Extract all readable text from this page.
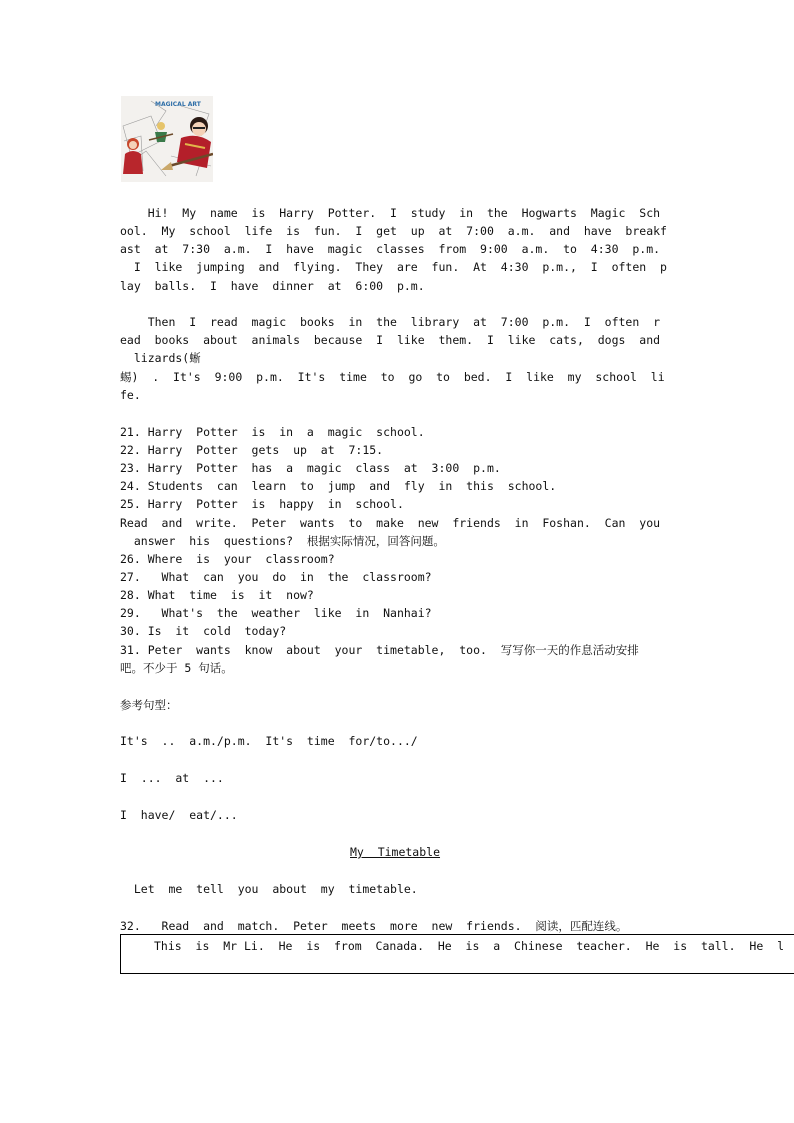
MAGICAL ART
Hi!  My  name  is  Harry  Potter.  I  study  in  the  Hogwarts  Magic  Sch
ool.  My  school  life  is  fun.  I  get  up  at  7:00  a.m.  and  have  breakf
ast  at  7:30  a.m.  I  have  magic  classes  from  9:00  a.m.  to  4:30  p.m.
I  like  jumping  and  flying.  They  are  fun.  At  4:30  p.m.,  I  often  p
lay  balls.  I  have  dinner  at  6:00  p.m.
Then  I  read  magic  books  in  the  library  at  7:00  p.m.  I  often  r
ead  books  about  animals  because  I  like  them.  I  like  cats,  dogs  and
lizards(蜥
蜴)  .  It's  9:00  p.m.  It's  time  to  go  to  bed.  I  like  my  school  li
fe.
21. Harry  Potter  is  in  a  magic  school.
22. Harry  Potter  gets  up  at  7:15.
23. Harry  Potter  has  a  magic  class  at  3:00  p.m.
24. Students  can  learn  to  jump  and  fly  in  this  school.
25. Harry  Potter  is  happy  in  school.
Read  and  write.  Peter  wants  to  make  new  friends  in  Foshan.  Can  you
answer  his  questions?  根据实际情况，回答问题。
26. Where  is  your  classroom?
27.   What  can  you  do  in  the  classroom?
28. What  time  is  it  now?
29.   What's  the  weather  like  in  Nanhai?
30. Is  it  cold  today?
31. Peter  wants  know  about  your  timetable,  too.  写写你一天的作息活动安排
吧。不少于 5 句话。
参考句型：
It's  ..  a.m./p.m.  It's  time  for/to.../
I  ...  at  ...
I  have/  eat/...
My  Timetable
Let  me  tell  you  about  my  timetable.
32.   Read  and  match.  Peter  meets  more  new  friends.  阅读，匹配连线。
This  is  Mr Li.  He  is  from  Canada.  He  is  a  Chinese  teacher.  He  is  tall.  He  l
